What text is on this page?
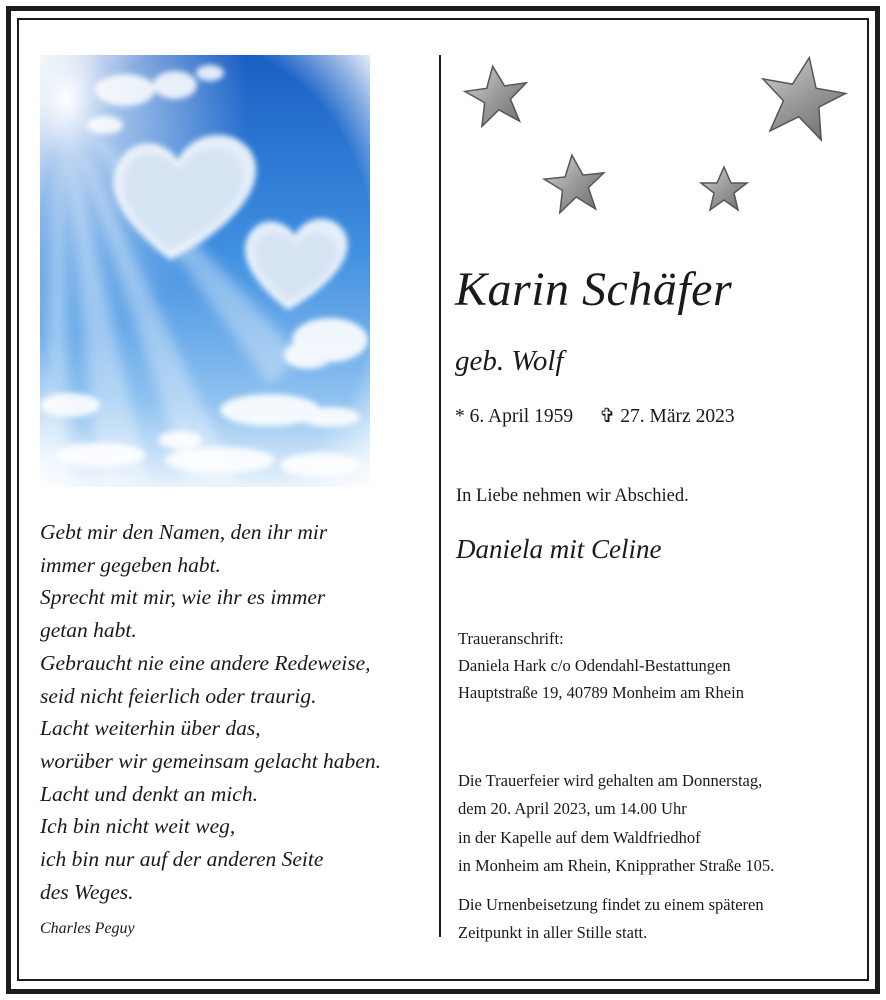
Gebt mir den Namen, den ihr mir
immer gegeben habt.
Sprecht mit mir, wie ihr es immer
getan habt.
Gebraucht nie eine andere Redeweise,
seid nicht feierlich oder traurig.
Lacht weiterhin über das,
worüber wir gemeinsam gelacht haben.
Lacht und denkt an mich.
Ich bin nicht weit weg,
ich bin nur auf der anderen Seite
des Weges.
Charles Peguy
Karin Schäfer
geb. Wolf
* 6. April 1959 ✞ 27. März 2023
In Liebe nehmen wir Abschied.
Daniela mit Celine
Traueranschrift:
Daniela Hark c/o Odendahl-Bestattungen
Hauptstraße 19, 40789 Monheim am Rhein
Die Trauerfeier wird gehalten am Donnerstag,
dem 20. April 2023, um 14.00 Uhr
in der Kapelle auf dem Waldfriedhof
in Monheim am Rhein, Knipprather Straße 105.
Die Urnenbeisetzung findet zu einem späteren
Zeitpunkt in aller Stille statt.
